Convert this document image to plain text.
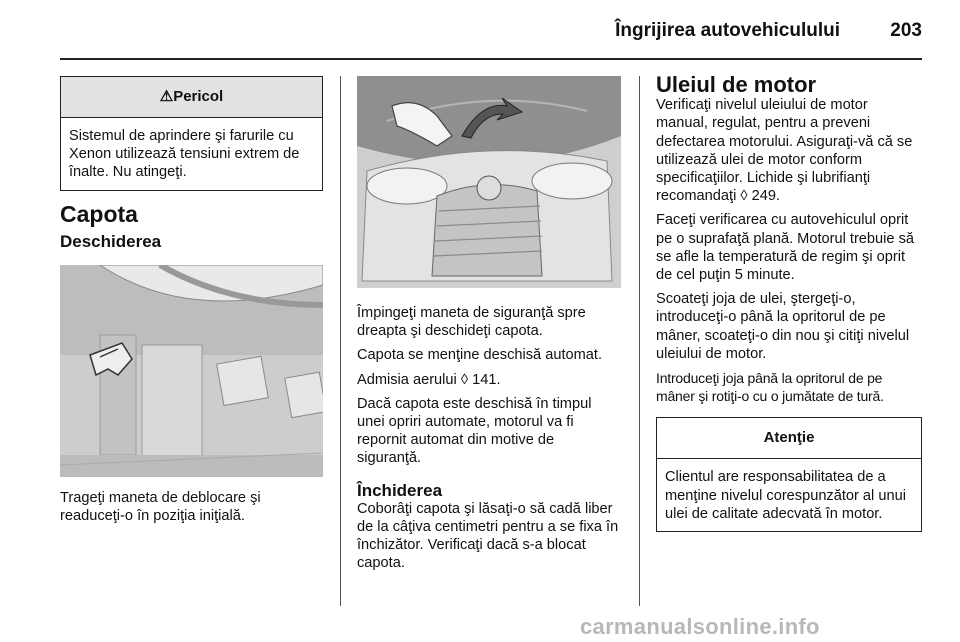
Îngrijirea autovehiculului	203
⚠Pericol
Sistemul de aprindere şi farurile cu Xenon utilizează tensiuni extrem de înalte. Nu atingeţi.
Capota
Deschiderea

Trageţi maneta de deblocare şi readuceţi-o în poziţia iniţială.

Împingeţi maneta de siguranţă spre dreapta şi deschideţi capota.

Capota se menţine deschisă automat.

Admisia aerului ◊ 141.

Dacă capota este deschisă în timpul unei opriri automate, motorul va fi repornit automat din motive de siguranţă.

Închiderea

Coborâţi capota şi lăsaţi-o să cadă liber de la câţiva centimetri pentru a se fixa în închizător. Verificaţi dacă s-a blocat capota.

Uleiul de motor

Verificaţi nivelul uleiului de motor manual, regulat, pentru a preveni defectarea motorului. Asiguraţi-vă că se utilizează ulei de motor conform specificaţiilor. Lichide şi lubrifianţi recomandaţi ◊ 249.

Faceţi verificarea cu autovehiculul oprit pe o suprafaţă plană. Motorul trebuie să se afle la temperatură de regim şi oprit de cel puţin 5 minute.

Scoateţi joja de ulei, ştergeţi-o, introduceţi-o până la opritorul de pe mâner, scoateţi-o din nou şi citiţi nivelul uleiului de motor.

Introduceţi joja până la opritorul de pe mâner şi rotiţi-o cu o jumătate de tură.

Atenţie
Clientul are responsabilitatea de a menţine nivelul corespunzător al unui ulei de calitate adecvată în motor.
carmanualsonline.info
